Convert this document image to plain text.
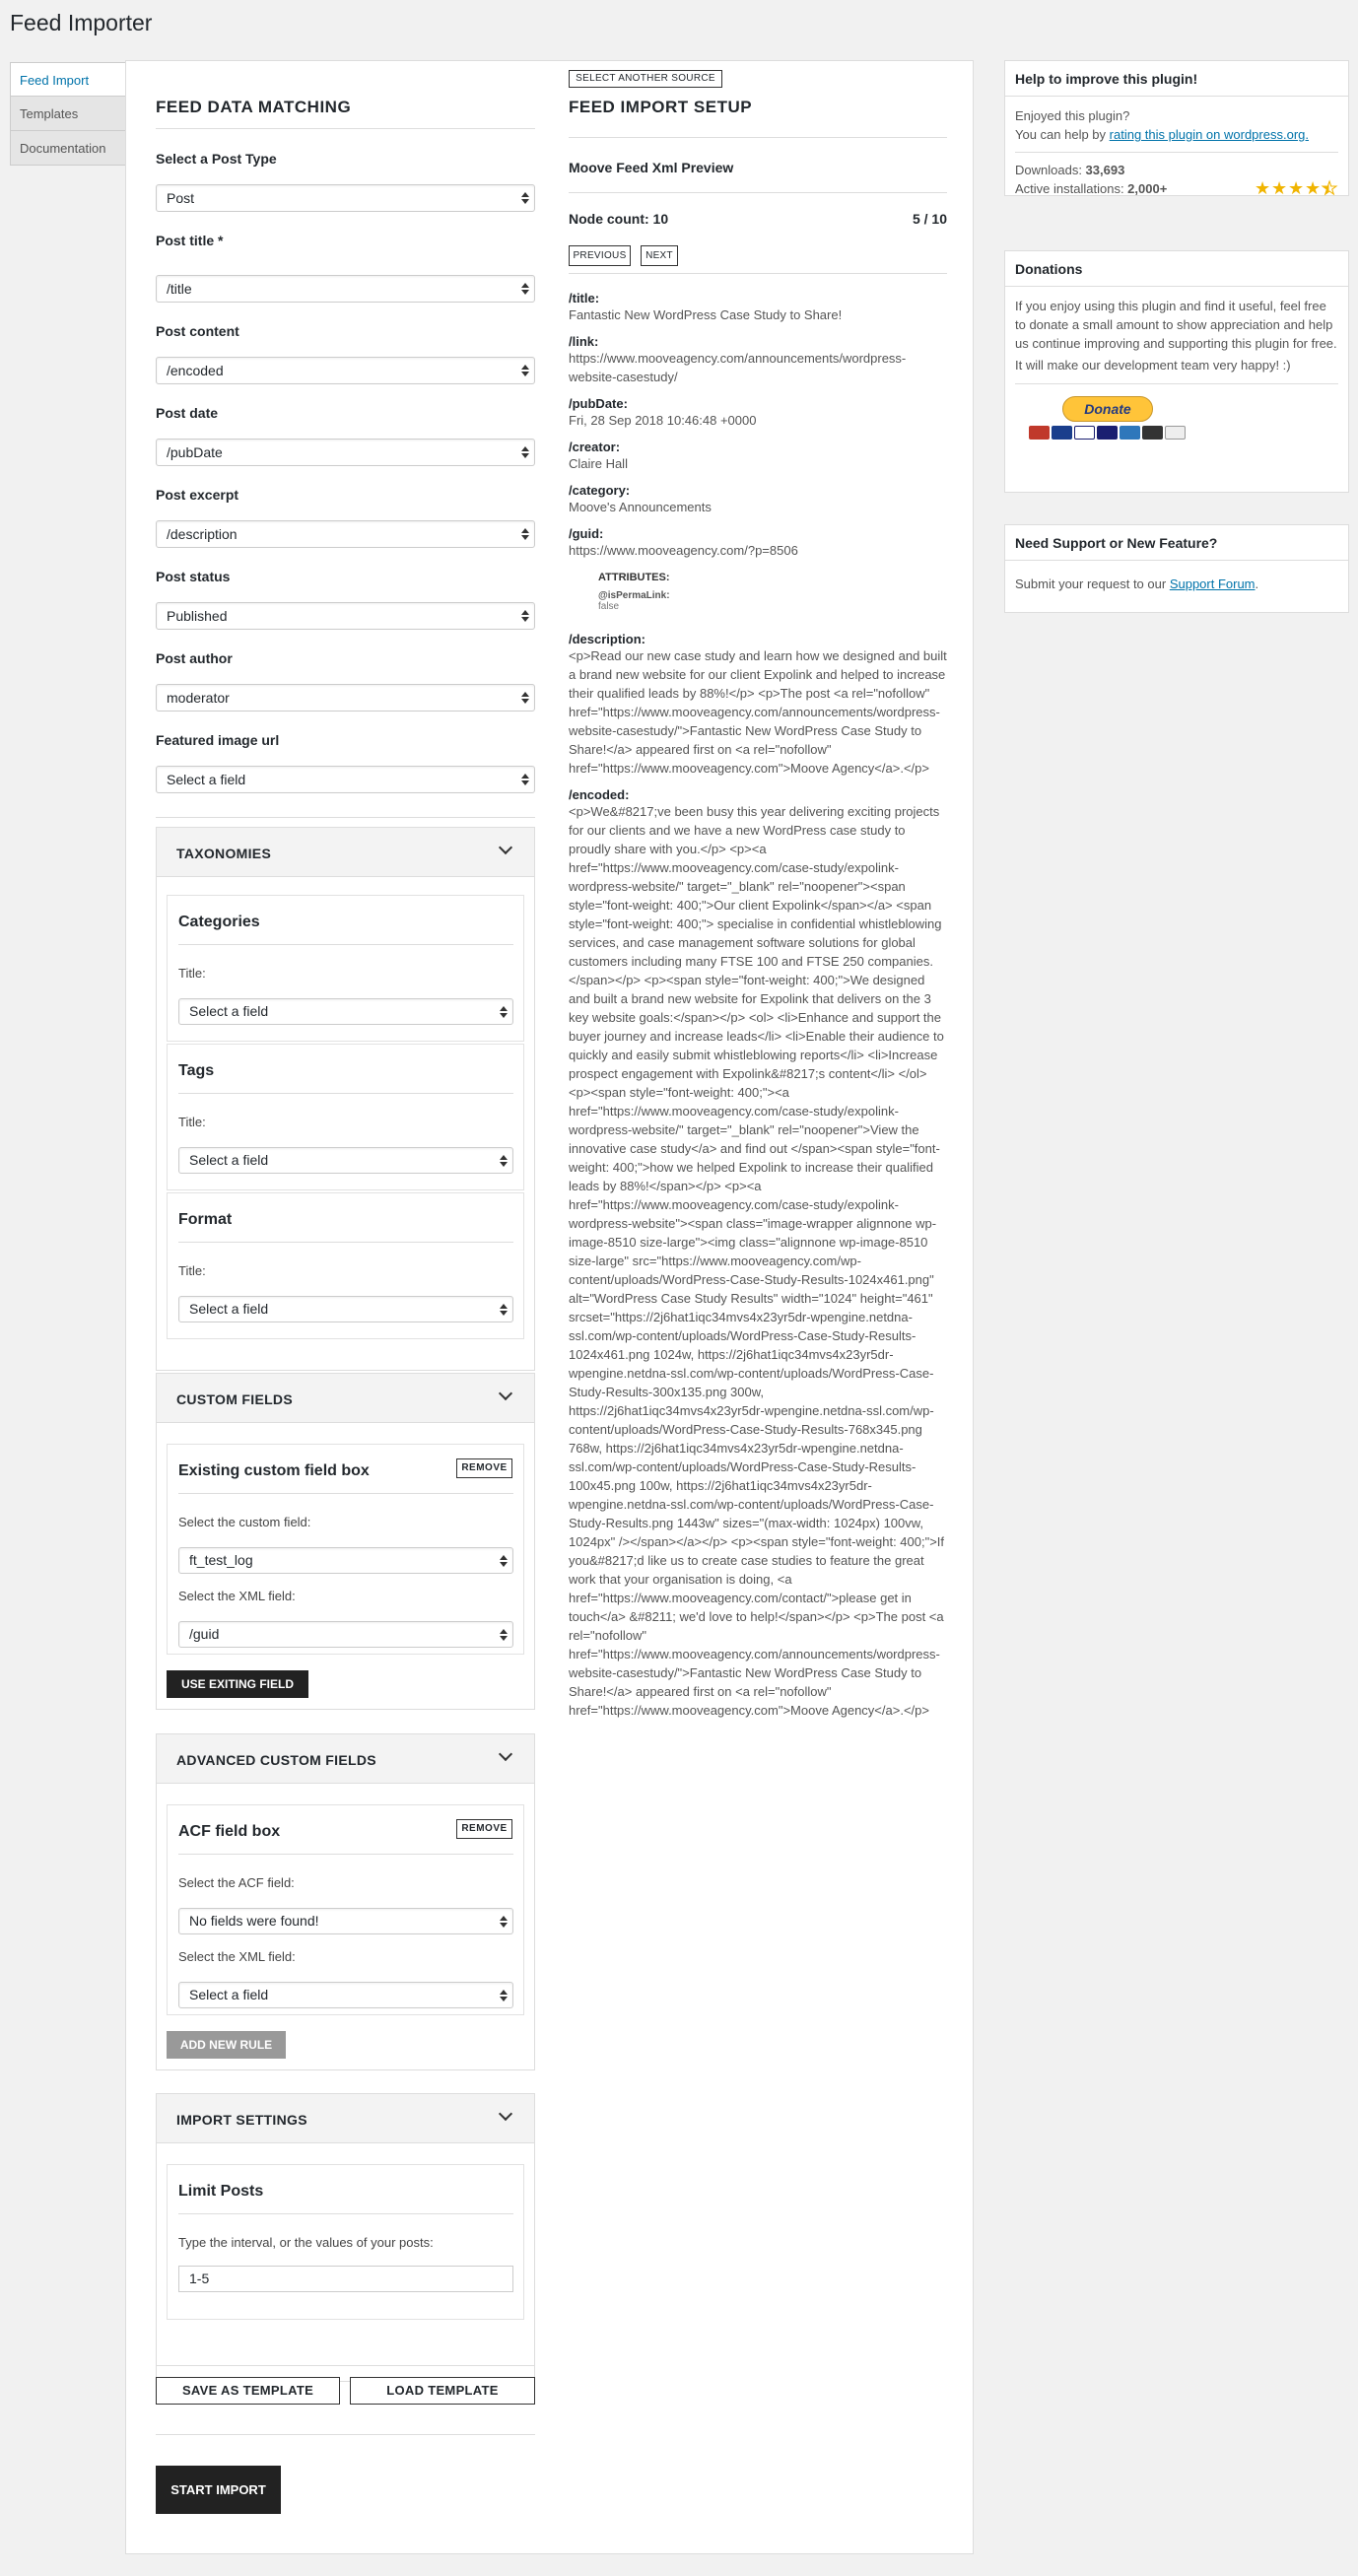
Feed Importer
Feed Import
Templates
Documentation
FEED DATA MATCHING
Select a Post Type
Post
Post title *
/title
Post content
/encoded
Post date
/pubDate
Post excerpt
/description
Post status
Published
Post author
moderator
Featured image url
Select a field
TAXONOMIES
Categories
Title:
Select a field
Tags
Title:
Select a field
Format
Title:
Select a field
CUSTOM FIELDS
Existing custom field box	REMOVE
Select the custom field:
ft_test_log
Select the XML field:
/guid
USE EXITING FIELD
ADVANCED CUSTOM FIELDS
ACF field box	REMOVE
Select the ACF field:
No fields were found!
Select the XML field:
Select a field
ADD NEW RULE
IMPORT SETTINGS
Limit Posts
Type the interval, or the values of your posts:
1-5
SAVE AS TEMPLATE	LOAD TEMPLATE
START IMPORT
SELECT ANOTHER SOURCE
FEED IMPORT SETUP
Moove Feed Xml Preview
Node count: 10	5 / 10
PREVIOUS	NEXT
/title:
Fantastic New WordPress Case Study to Share!
/link:
https://www.mooveagency.com/announcements/wordpress-website-casestudy/
/pubDate:
Fri, 28 Sep 2018 10:46:48 +0000
/creator:
Claire Hall
/category:
Moove's Announcements
/guid:
https://www.mooveagency.com/?p=8506
ATTRIBUTES:
@isPermaLink:
false
/description:
<p>Read our new case study and learn how we designed and built a brand new website for our client Expolink and helped to increase their qualified leads by 88%!</p> <p>The post <a rel="nofollow" href="https://www.mooveagency.com/announcements/wordpress-website-casestudy/">Fantastic New WordPress Case Study to Share!</a> appeared first on <a rel="nofollow" href="https://www.mooveagency.com">Moove Agency</a>.</p>
/encoded:
<p>We&#8217;ve been busy this year delivering exciting projects for our clients and we have a new WordPress case study to proudly share with you.</p> <p><a href="https://www.mooveagency.com/case-study/expolink-wordpress-website/" target="_blank" rel="noopener"><span style="font-weight: 400;">Our client Expolink</span></a> <span style="font-weight: 400;"> specialise in confidential whistleblowing services, and case management software solutions for global customers including many FTSE 100 and FTSE 250 companies.</span></p> <p><span style="font-weight: 400;">We designed and built a brand new website for Expolink that delivers on the 3 key website goals:</span></p> <ol> <li>Enhance and support the buyer journey and increase leads</li> <li>Enable their audience to quickly and easily submit whistleblowing reports</li> <li>Increase prospect engagement with Expolink&#8217;s content</li> </ol> <p><span style="font-weight: 400;"><a href="https://www.mooveagency.com/case-study/expolink-wordpress-website/" target="_blank" rel="noopener">View the innovative case study</a> and find out </span><span style="font-weight: 400;">how we helped Expolink to increase their qualified leads by 88%!</span></p> <p><a href="https://www.mooveagency.com/case-study/expolink-wordpress-website"><span class="image-wrapper alignnone wp-image-8510 size-large"><img class="alignnone wp-image-8510 size-large" src="https://www.mooveagency.com/wp-content/uploads/WordPress-Case-Study-Results-1024x461.png" alt="WordPress Case Study Results" width="1024" height="461" srcset="https://2j6hat1iqc34mvs4x23yr5dr-wpengine.netdna-ssl.com/wp-content/uploads/WordPress-Case-Study-Results-1024x461.png 1024w, https://2j6hat1iqc34mvs4x23yr5dr-wpengine.netdna-ssl.com/wp-content/uploads/WordPress-Case-Study-Results-300x135.png 300w, https://2j6hat1iqc34mvs4x23yr5dr-wpengine.netdna-ssl.com/wp-content/uploads/WordPress-Case-Study-Results-768x345.png 768w, https://2j6hat1iqc34mvs4x23yr5dr-wpengine.netdna-ssl.com/wp-content/uploads/WordPress-Case-Study-Results-100x45.png 100w, https://2j6hat1iqc34mvs4x23yr5dr-wpengine.netdna-ssl.com/wp-content/uploads/WordPress-Case-Study-Results.png 1443w" sizes="(max-width: 1024px) 100vw, 1024px" /></span></a></p> <p><span style="font-weight: 400;">If you&#8217;d like us to create case studies to feature the great work that your organisation is doing, <a href="https://www.mooveagency.com/contact/">please get in touch</a> &#8211; we'd love to help!</span></p> <p>The post <a rel="nofollow" href="https://www.mooveagency.com/announcements/wordpress-website-casestudy/">Fantastic New WordPress Case Study to Share!</a> appeared first on <a rel="nofollow" href="https://www.mooveagency.com">Moove Agency</a>.</p>
Help to improve this plugin!
Enjoyed this plugin?
You can help by rating this plugin on wordpress.org.
Downloads: 33,693
Active installations: 2,000+	★★★★★
Donations
If you enjoy using this plugin and find it useful, feel free to donate a small amount to show appreciation and help us continue improving and supporting this plugin for free.
It will make our development team very happy! :)
Donate
Need Support or New Feature?
Submit your request to our Support Forum.
